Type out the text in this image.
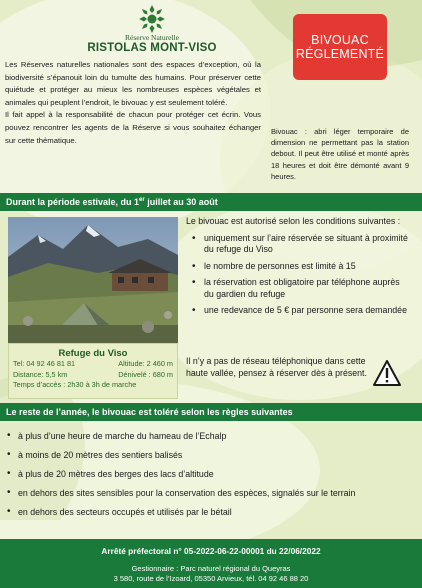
Réserve Naturelle
RISTOLAS MONT-VISO

Les Réserves naturelles nationales sont des espaces d’exception, où la biodiversité s’épanouit loin du tumulte des humains. Pour préserver cette quiétude et protéger au mieux les nombreuses espèces végétales et animales qui peuplent l’endroit, le bivouac y est seulement toléré.

Il fait appel à la responsabilité de chacun pour protéger cet écrin. Vous pouvez rencontrer les agents de la Réserve si vous souhaitez échanger sur cette thématique.

BIVOUAC
RÉGLEMENTÉ
Bivouac : abri léger temporaire de dimension ne permettant pas la station debout. Il peut être utilisé et monté après 18 heures et doit être démonté avant 9 heures.
Durant la période estivale, du 1er juillet au 30 août
Refuge du Viso
Tel: 04 92 46 81 81	Altitude: 2 460 m
Distance: 5,5 km	Dénivelé : 680 m
Temps d’accès : 2h30 à 3h de marche
Le bivouac est autorisé selon les conditions suivantes :
• uniquement sur l’aire réservée se situant à proximité du refuge du Viso
• le nombre de personnes est limité à 15
• la réservation est obligatoire par téléphone auprès du gardien du refuge
• une redevance de 5 € par personne sera demandée
Il n’y a pas de réseau téléphonique dans cette haute vallée, pensez à réserver dès à présent.
Le reste de l’année, le bivouac est toléré selon les règles suivantes
• à plus d’une heure de marche du hameau de l’Echalp
• à moins de 20 mètres des sentiers balisés
• à plus de 20 mètres des berges des lacs d’altitude
• en dehors des sites sensibles pour la conservation des espèces, signalés sur le terrain
• en dehors des secteurs occupés et utilisés par le bétail
Arrêté préfectoral n° 05-2022-06-22-00001 du 22/06/2022
Gestionnaire : Parc naturel régional du Queyras
3 580, route de l’Izoard, 05350 Arvieux, tél. 04 92 46 88 20
